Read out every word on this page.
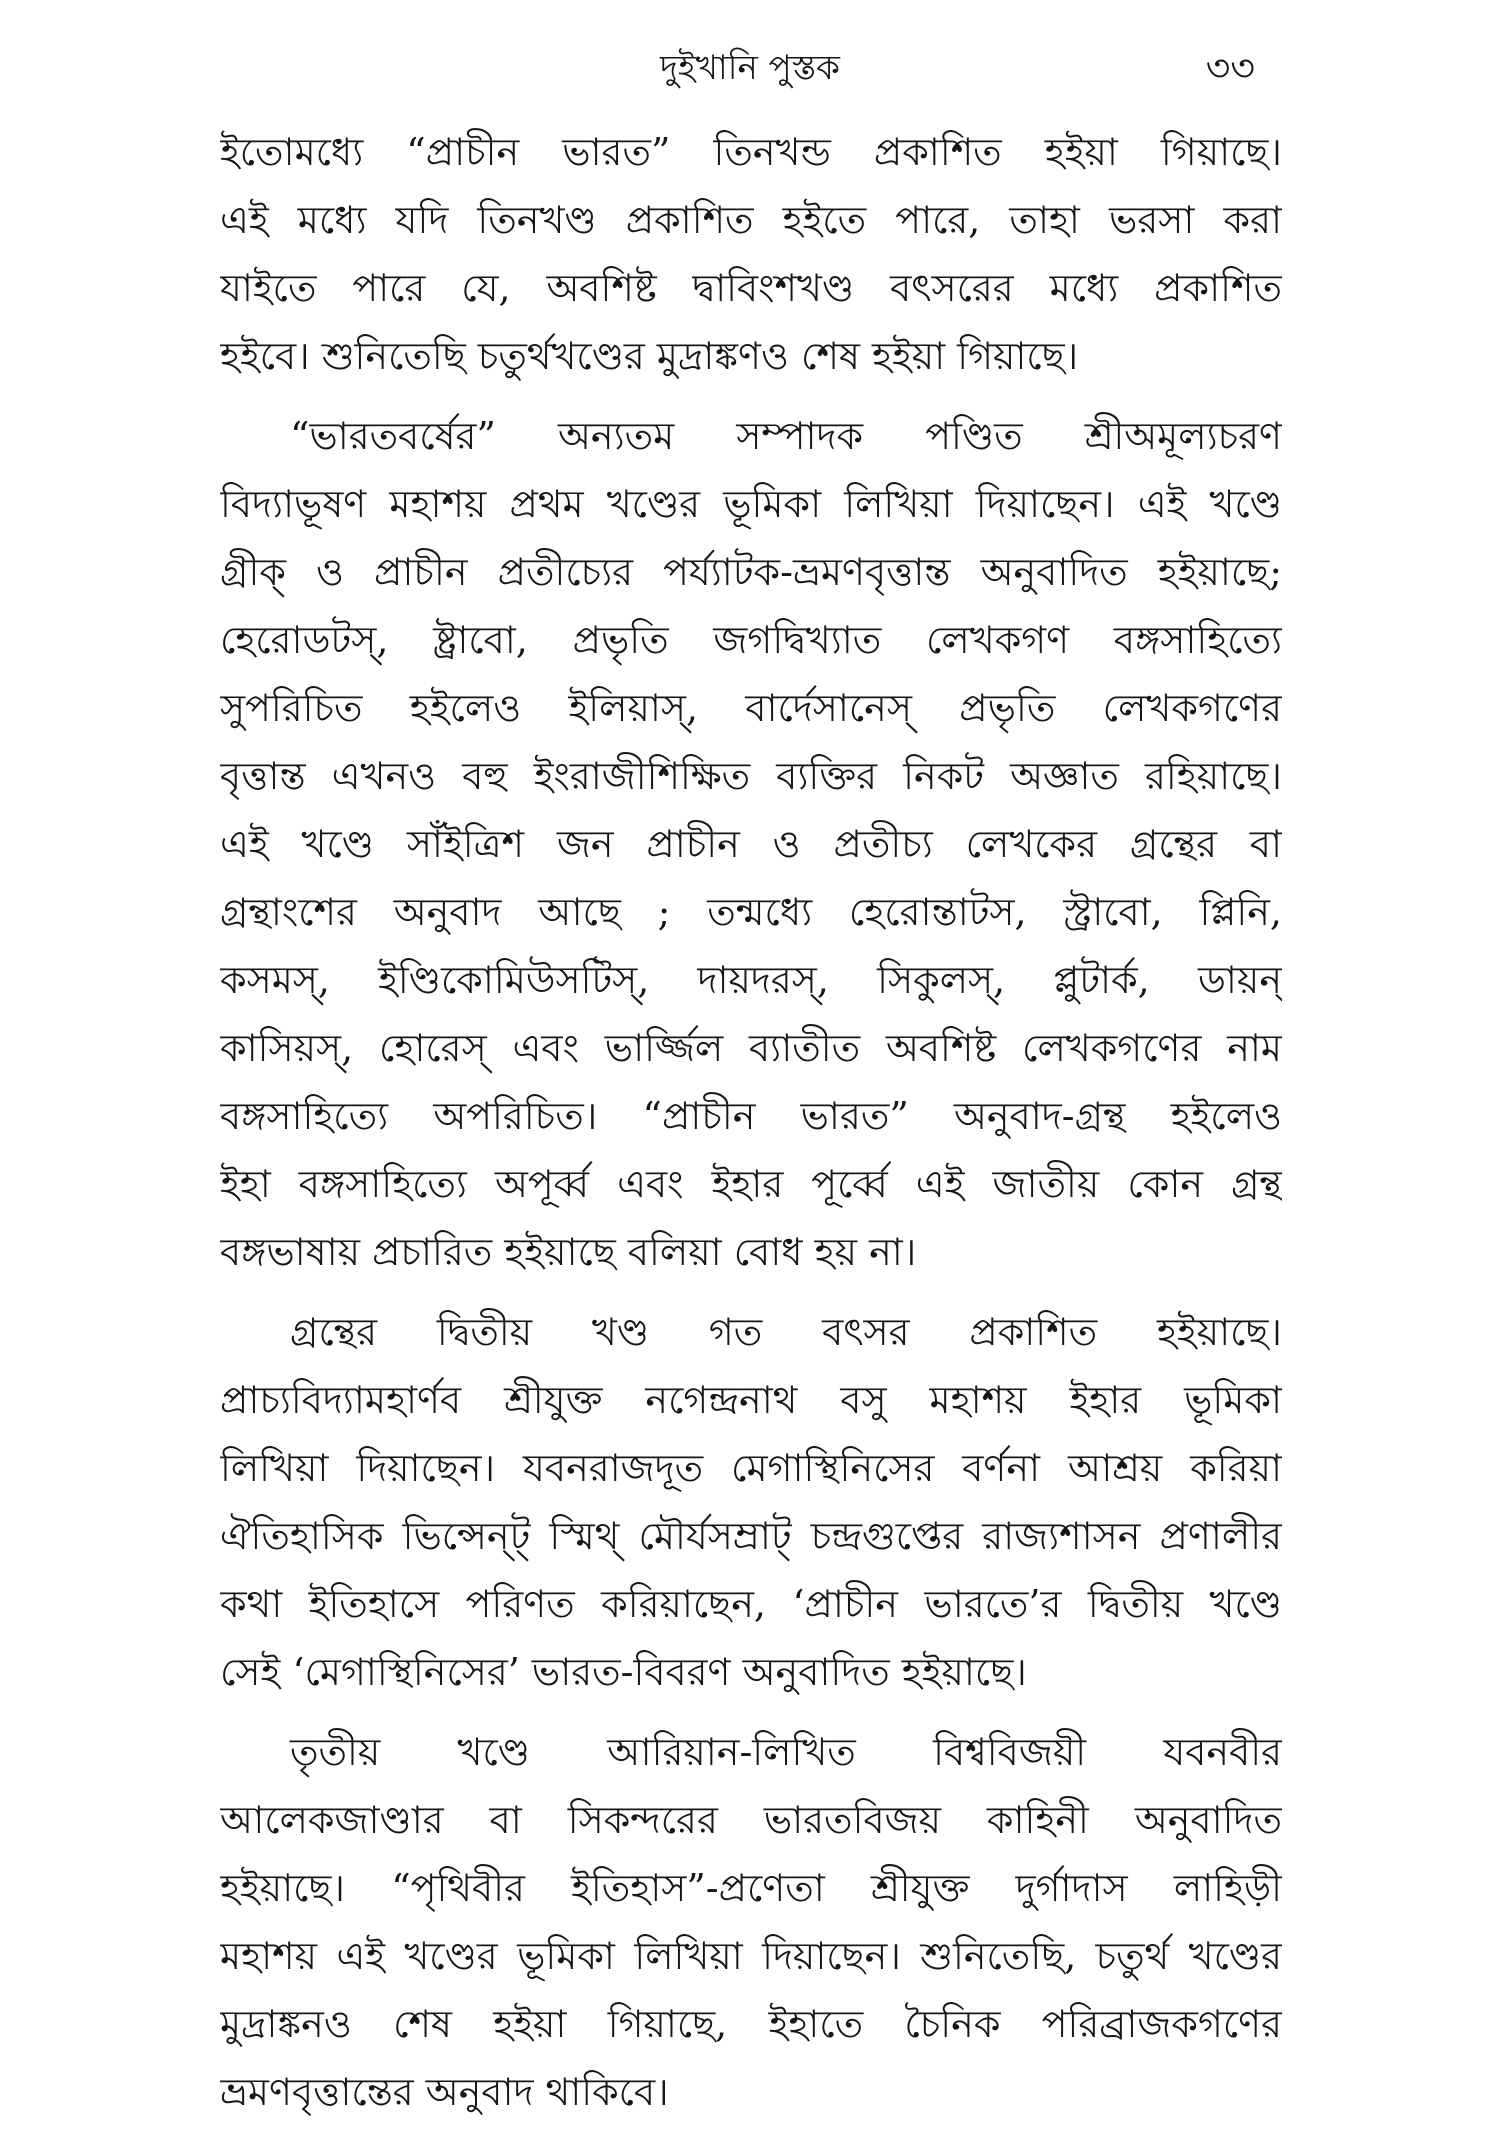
দুইখানি পুস্তক	৩৩
ইতোমধ্যে “প্রাচীন ভারত” তিনখন্ড প্রকাশিত হইয়া গিয়াছে।
এই মধ্যে যদি তিনখণ্ড প্রকাশিত হইতে পারে, তাহা ভরসা করা
যাইতে পারে যে, অবশিষ্ট দ্বাবিংশখণ্ড বৎসরের মধ্যে প্রকাশিত
হইবে। শুনিতেছি চতুর্থখণ্ডের মুদ্রাঙ্কণও শেষ হইয়া গিয়াছে।
“ভারতবর্ষের” অন্যতম সম্পাদক পণ্ডিত শ্রীঅমূল্যচরণ
বিদ্যাভূষণ মহাশয় প্রথম খণ্ডের ভূমিকা লিখিয়া দিয়াছেন। এই খণ্ডে
গ্রীক্ ও প্রাচীন প্রতীচ্যের পর্য্যাটক-ভ্রমণবৃত্তান্ত অনুবাদিত হইয়াছে;
হেরোডটস্, ষ্ট্রাবো, প্রভৃতি জগদ্বিখ্যাত লেখকগণ বঙ্গসাহিত্যে
সুপরিচিত হইলেও ইলিয়াস্, বার্দেসানেস্ প্রভৃতি লেখকগণের
বৃত্তান্ত এখনও বহু ইংরাজীশিক্ষিত ব্যক্তির নিকট অজ্ঞাত রহিয়াছে।
এই খণ্ডে সাঁইত্রিশ জন প্রাচীন ও প্রতীচ্য লেখকের গ্রন্থের বা
গ্রন্থাংশের অনুবাদ আছে ; তন্মধ্যে হেরোন্তাটস, স্ট্রাবো, প্লিনি,
কসমস্, ইণ্ডিকোমিউসটিস্, দায়দরস্, সিকুলস্, প্লুটার্ক, ডায়ন্
কাসিয়স্, হোরেস্ এবং ভার্জ্জিল ব্যাতীত অবশিষ্ট লেখকগণের নাম
বঙ্গসাহিত্যে অপরিচিত। “প্রাচীন ভারত” অনুবাদ-গ্রন্থ হইলেও
ইহা বঙ্গসাহিত্যে অপূর্ব্ব এবং ইহার পূর্ব্বে এই জাতীয় কোন গ্রন্থ
বঙ্গভাষায় প্রচারিত হইয়াছে বলিয়া বোধ হয় না।
গ্রন্থের দ্বিতীয় খণ্ড গত বৎসর প্রকাশিত হইয়াছে।
প্রাচ্যবিদ্যামহার্ণব শ্রীযুক্ত নগেন্দ্রনাথ বসু মহাশয় ইহার ভূমিকা
লিখিয়া দিয়াছেন। যবনরাজদূত মেগাস্থিনিসের বর্ণনা আশ্রয় করিয়া
ঐতিহাসিক ভিন্সেন্ট্ স্মিথ্ মৌর্যসম্রাট্ চন্দ্রগুপ্তের রাজ্যশাসন প্রণালীর
কথা ইতিহাসে পরিণত করিয়াছেন, ‘প্রাচীন ভারতে’র দ্বিতীয় খণ্ডে
সেই ‘মেগাস্থিনিসের’ ভারত-বিবরণ অনুবাদিত হইয়াছে।
তৃতীয় খণ্ডে আরিয়ান-লিখিত বিশ্ববিজয়ী যবনবীর
আলেকজাণ্ডার বা সিকন্দরের ভারতবিজয় কাহিনী অনুবাদিত
হইয়াছে। “পৃথিবীর ইতিহাস”-প্রণেতা শ্রীযুক্ত দুর্গাদাস লাহিড়ী
মহাশয় এই খণ্ডের ভূমিকা লিখিয়া দিয়াছেন। শুনিতেছি, চতুর্থ খণ্ডের
মুদ্রাঙ্কনও শেষ হইয়া গিয়াছে, ইহাতে চৈনিক পরিব্রাজকগণের
ভ্রমণবৃত্তান্তের অনুবাদ থাকিবে।
